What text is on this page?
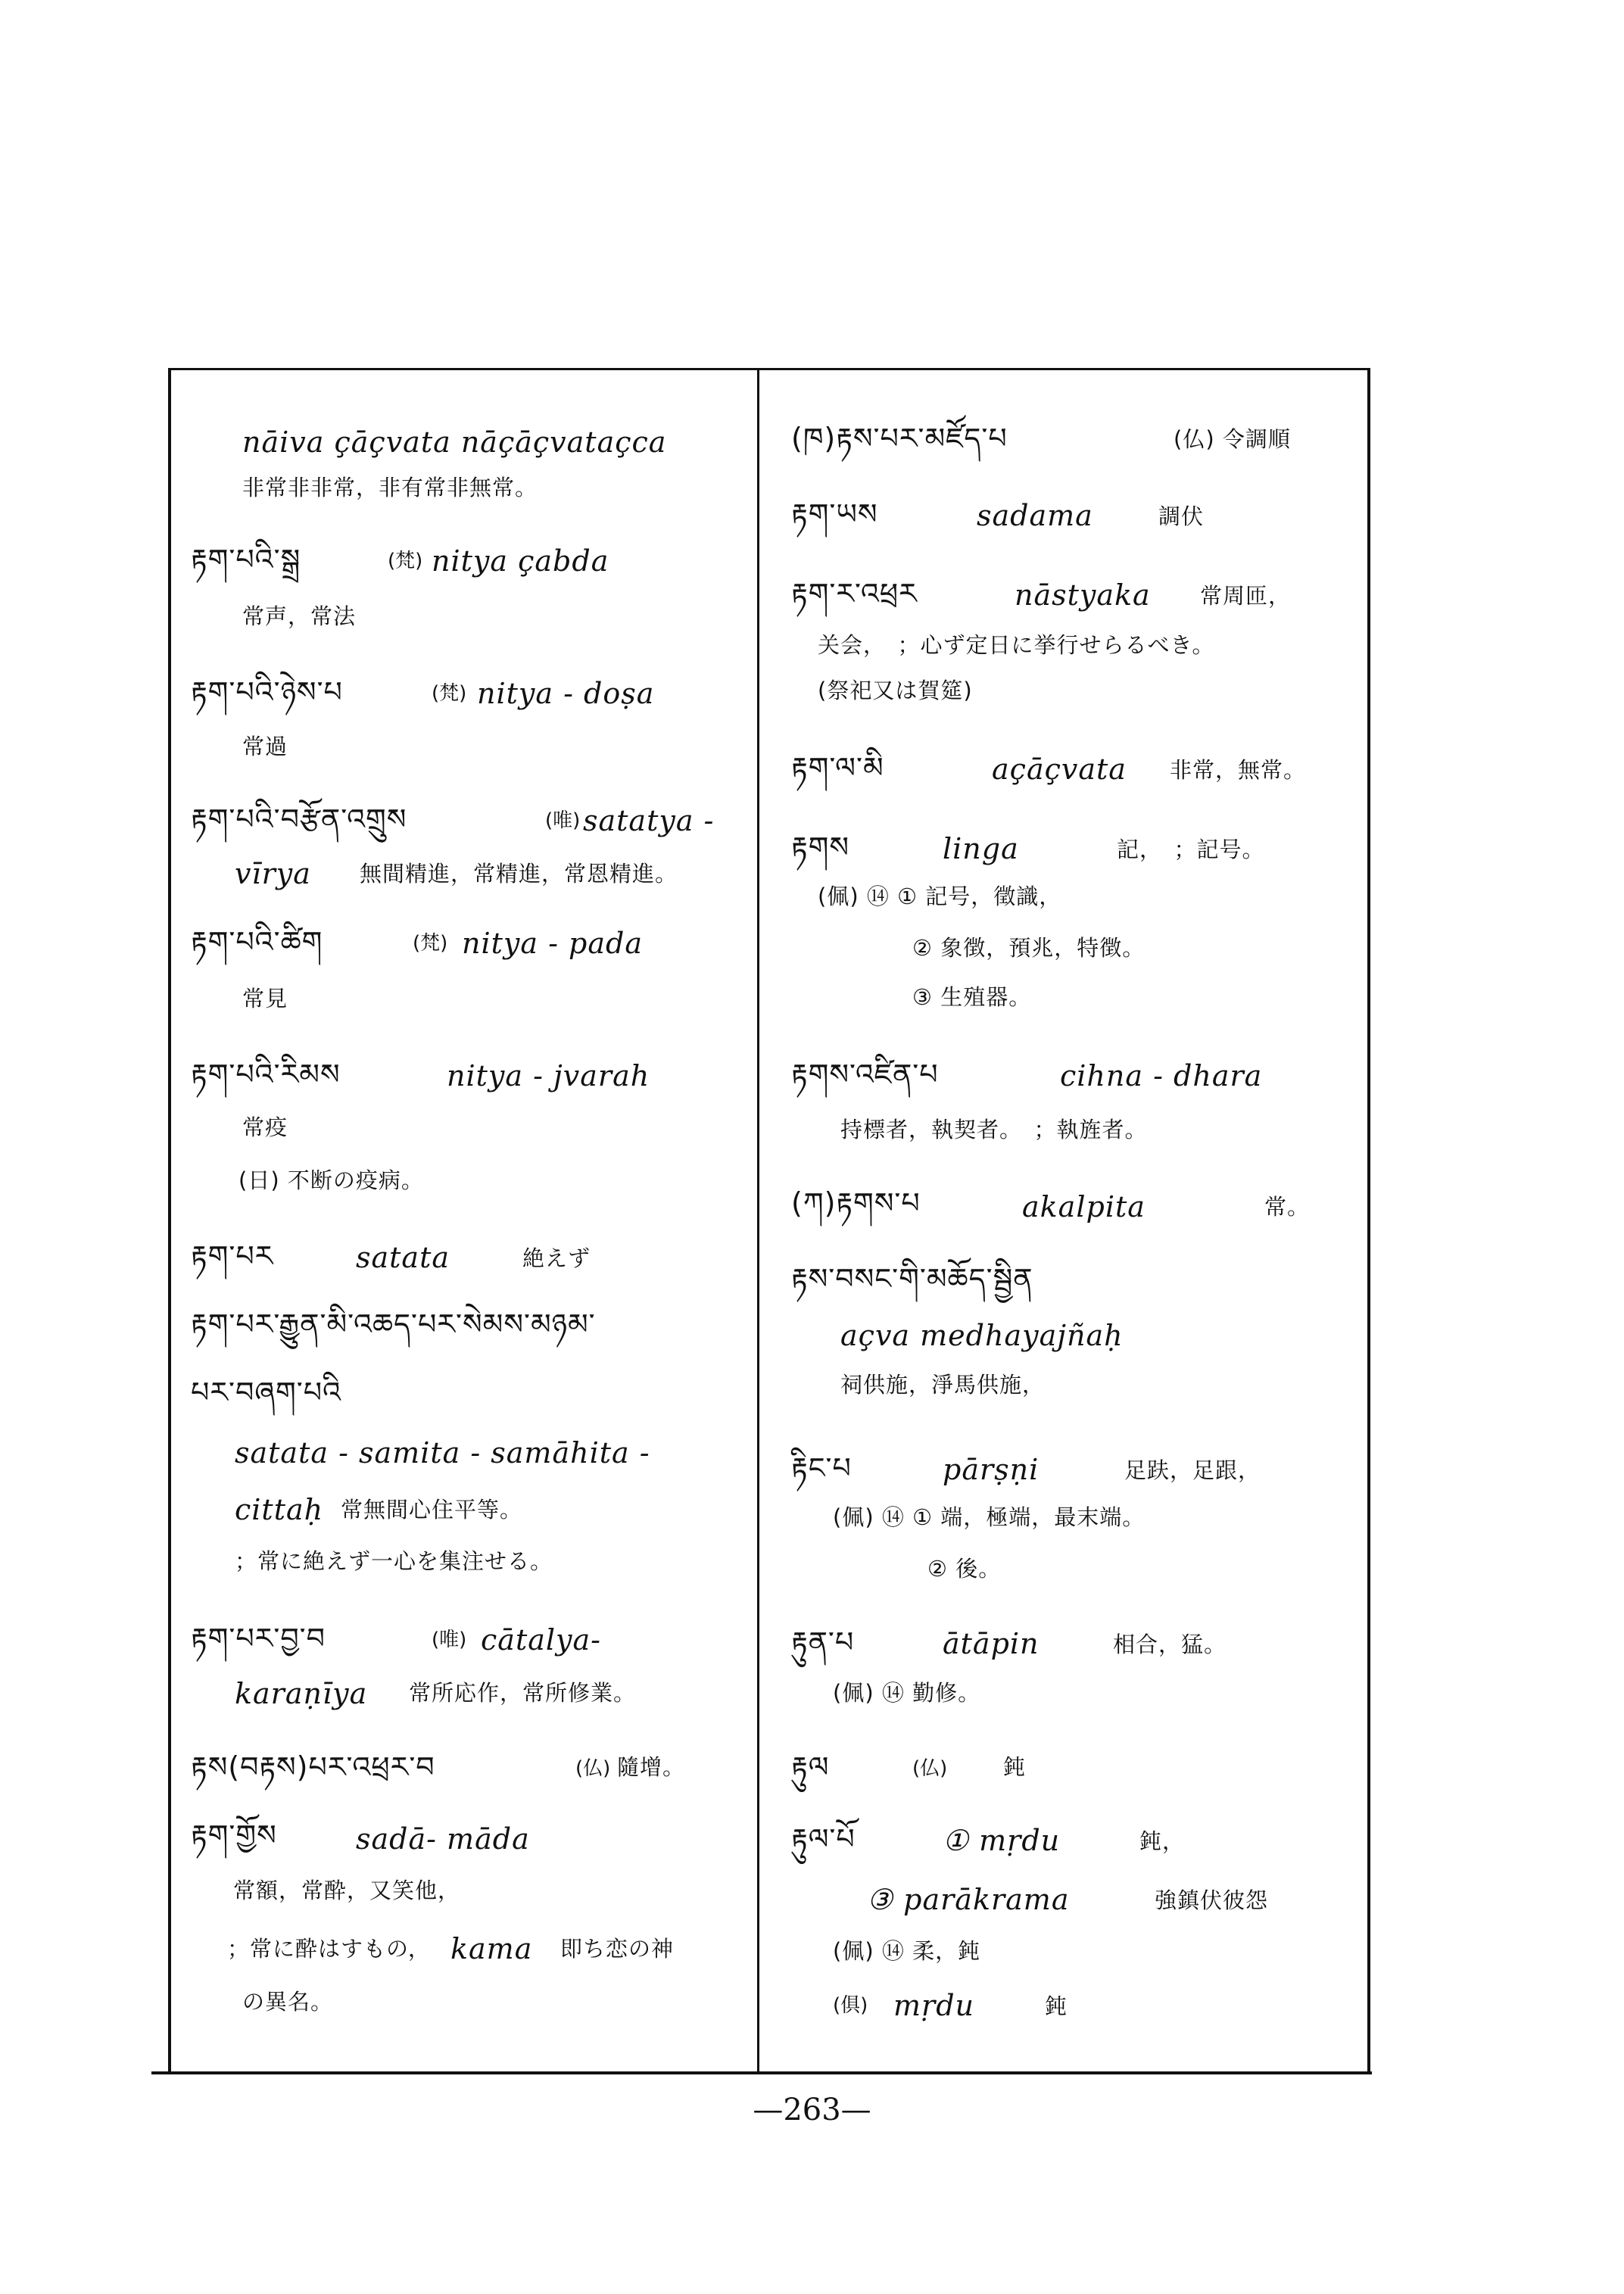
nāiva çāçvata nāçāçvataçca
非常非非常，非有常非無常。
རྟག་པའི་སྒྲ	(梵) nitya çabda
常声，常法
རྟག་པའི་ཉེས་པ	(梵) nitya - doṣa
常過
རྟག་པའི་བརྩོན་འགྲུས	(唯) satatya -
vīrya 無間精進，常精進，常恩精進。
རྟག་པའི་ཚིག	(梵) nitya - pada
常見
རྟག་པའི་རིམས	nitya - jvarah
常疫
(日) 不断の疫病。
རྟག་པར	satata	絶えず
རྟག་པར་རྒྱུན་མི་འཆད་པར་སེམས་མཉམ་
པར་བཞག་པའི
satata - samita - samāhita -
cittaḥ 常無間心住平等。
；常に絶えず一心を集注せる。
རྟག་པར་བྱ་བ	(唯) cātalya-
karaṇīya 常所応作，常所修業。
རྟས(བརྟས)པར་འཕྲར་བ	(仏) 隨增。
རྟག་གྱོས	sadā- māda
常額，常酔，又笑他，
；常に酔はすもの， kama 即ち恋の神
の異名。
(ཁ)རྟས་པར་མཛོད་པ	(仏) 令調順
རྟག་ཡས	sadama	調伏
རྟག་ར་འཕྲར	nāstyaka 常周匝，
关会，　；心ず定日に挙行せらるべき。
(祭祀又は賀筵)
རྟག་ལ་མི	açāçvata 非常，無常。
རྟགས	linga	記，　；記号。
(佩) ⑭ ① 記号，徵識，
② 象徴，預兆，特徴。
③ 生殖器。
རྟགས་འཛིན་པ	cihna - dhara
持標者，執契者。　；執旌者。
(ཀ)རྟགས་པ	akalpita	常。
རྟས་བསང་གི་མཆོད་སྦྱིན
açva medhayajñaḥ
祠供施，淨馬供施，
རྟིང་པ	pārṣṇi	足趺，足跟，
(佩) ⑭ ① 端，極端，最末端。
② 後。
རྟུན་པ	ātāpin	相合，猛。
(佩) ⑭ 勤修。
རྟུལ	(仏)	鈍
རྟུལ་པོ	① mṛdu	鈍，
③ parākrama	強鎮伏彼怨
(佩) ⑭ 柔，鈍
(俱) mṛdu	鈍
—263—
